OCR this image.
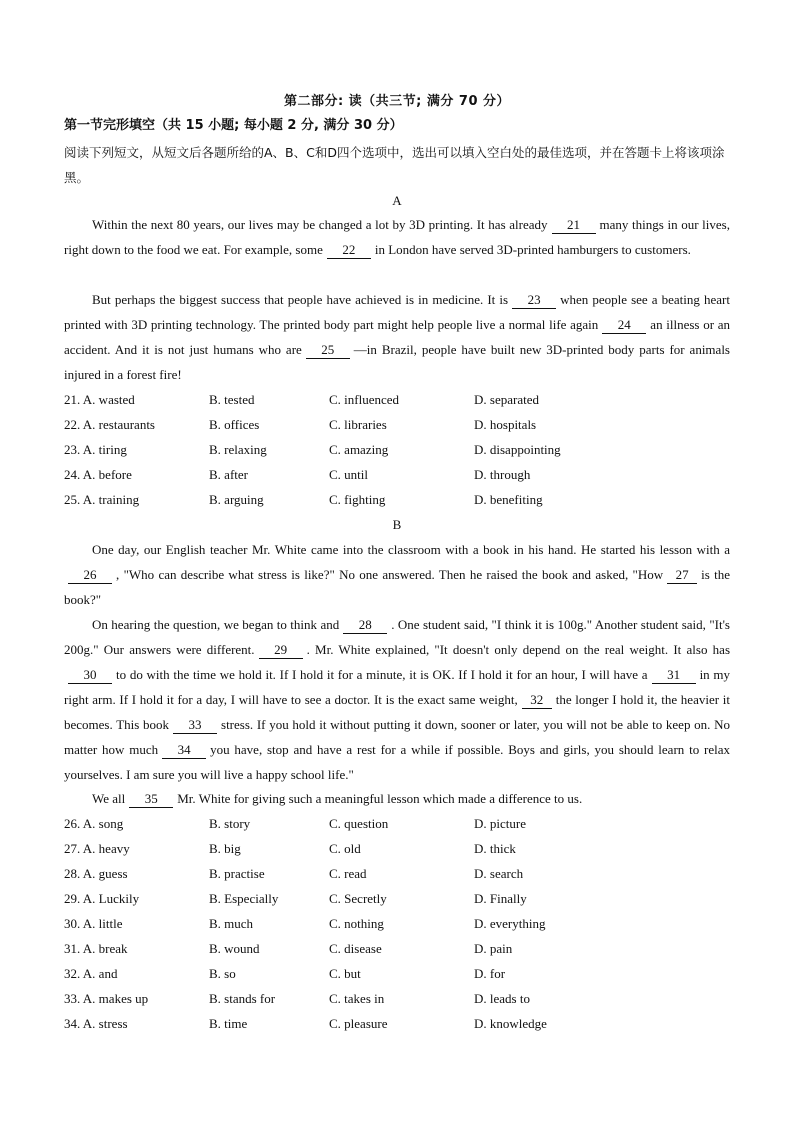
第二部分: 读（共三节; 满分 70 分）
第一节完形填空（共 15 小题; 每小题 2 分, 满分 30 分）
阅读下列短文，从短文后各题所给的A、B、C和D四个选项中，选出可以填入空白处的最佳选项，并在答题卡上将该项涂黑。
A
Within the next 80 years, our lives may be changed a lot by 3D printing. It has already 21 many things in our lives, right down to the food we eat. For example, some 22 in London have served 3D-printed hamburgers to customers.
But perhaps the biggest success that people have achieved is in medicine. It is 23 when people see a beating heart printed with 3D printing technology. The printed body part might help people live a normal life again 24 an illness or an accident. And it is not just humans who are 25 —in Brazil, people have built new 3D-printed body parts for animals injured in a forest fire!
21. A. wasted	B. tested	C. influenced	D. separated
22. A. restaurants	B. offices	C. libraries	D. hospitals
23. A. tiring	B. relaxing	C. amazing	D. disappointing
24. A. before	B. after	C. until	D. through
25. A. training	B. arguing	C. fighting	D. benefiting
B
One day, our English teacher Mr. White came into the classroom with a book in his hand. He started his lesson with a26 , "Who can describe what stress is like?" No one answered. Then he raised the book and asked, "How 27 is the book?"
On hearing the question, we began to think and 28 . One student said, "I think it is 100g." Another student said, "It's 200g." Our answers were different. 29 . Mr. White explained, "It doesn't only depend on the real weight. It also has30 to do with the time we hold it. If I hold it for a minute, it is OK. If I hold it for an hour, I will have a 31 in my right arm. If I hold it for a day, I will have to see a doctor. It is the exact same weight, 32 the longer I hold it, the heavier it becomes. This book 33 stress. If you hold it without putting it down, sooner or later, you will not be able to keep on. No matter how much 34 you have, stop and have a rest for a while if possible. Boys and girls, you should learn to relax yourselves. I am sure you will live a happy school life."
We all 35 Mr. White for giving such a meaningful lesson which made a difference to us.
26. A. song	B. story	C. question	D. picture
27. A. heavy	B. big	C. old	D. thick
28. A. guess	B. practise	C. read	D. search
29. A. Luckily	B. Especially	C. Secretly	D. Finally
30. A. little	B. much	C. nothing	D. everything
31. A. break	B. wound	C. disease	D. pain
32. A. and	B. so	C. but	D. for
33. A. makes up	B. stands for	C. takes in	D. leads to
34. A. stress	B. time	C. pleasure	D. knowledge
